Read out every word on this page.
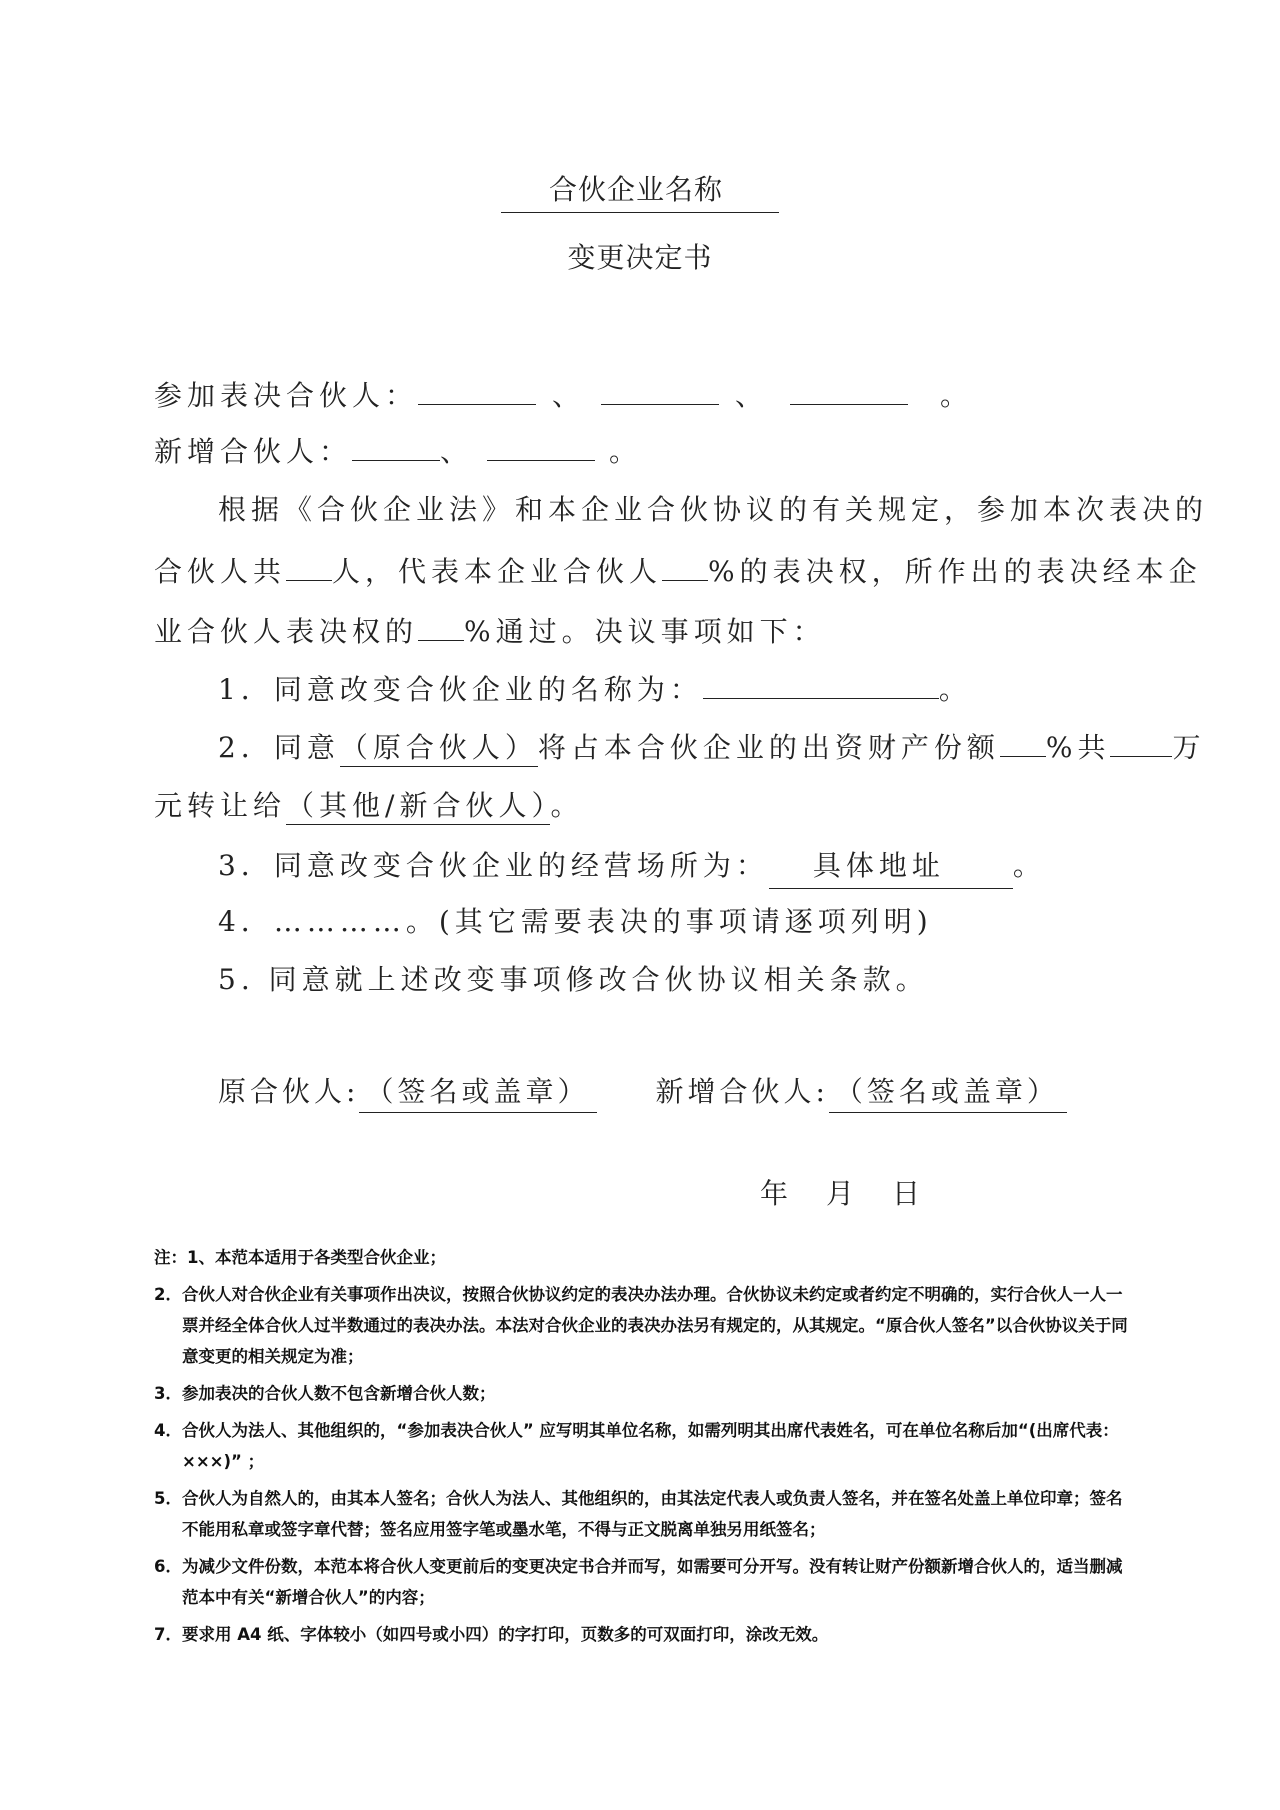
合伙企业名称
变更决定书
参加表决合伙人：	、	、	。
新增合伙人：	、	。
根据《合伙企业法》和本企业合伙协议的有关规定，参加本次表决的
合伙人共 人，代表本企业合伙人 %的表决权，所作出的表决经本企
业合伙人表决权的 %通过。决议事项如下：
1．同意改变合伙企业的名称为：	。
2．同意（原合伙人）将占本合伙企业的出资财产份额 %共 万
元转让给（其他/新合伙人）。
3．同意改变合伙企业的经营场所为： 具体地址 。
4．…………。(其它需要表决的事项请逐项列明)
5. 同意就上述改变事项修改合伙协议相关条款。
原合伙人: （签名或盖章） 新增合伙人: （签名或盖章）
年 月 日
注：1、本范本适用于各类型合伙企业；
2．合伙人对合伙企业有关事项作出决议，按照合伙协议约定的表决办法办理。合伙协议未约定或者约定不明确的，实行合伙人一人一票并经全体合伙人过半数通过的表决办法。本法对合伙企业的表决办法另有规定的，从其规定。“原合伙人签名”以合伙协议关于同意变更的相关规定为准；
3．参加表决的合伙人数不包含新增合伙人数；
4．合伙人为法人、其他组织的，“参加表决合伙人” 应写明其单位名称，如需列明其出席代表姓名，可在单位名称后加“(出席代表：×××)” ；
5．合伙人为自然人的，由其本人签名；合伙人为法人、其他组织的，由其法定代表人或负责人签名，并在签名处盖上单位印章；签名不能用私章或签字章代替；签名应用签字笔或墨水笔，不得与正文脱离单独另用纸签名；
6．为减少文件份数，本范本将合伙人变更前后的变更决定书合并而写，如需要可分开写。没有转让财产份额新增合伙人的，适当删减范本中有关“新增合伙人”的内容；
7．要求用 A4 纸、字体较小（如四号或小四）的字打印，页数多的可双面打印，涂改无效。
